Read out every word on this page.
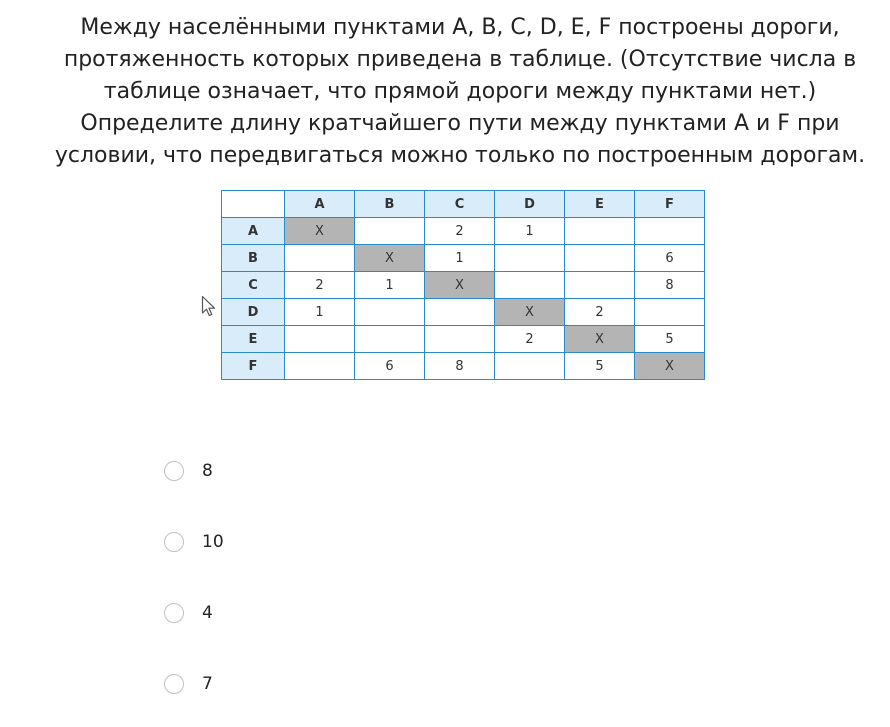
Между населёнными пунктами A, B, C, D, E, F построены дороги,
протяженность которых приведена в таблице. (Отсутствие числа в
таблице означает, что прямой дороги между пунктами нет.)
Определите длину кратчайшего пути между пунктами A и F при
условии, что передвигаться можно только по построенным дорогам.
	A	B	C	D	E	F
A	X		2	1		
B		X	1			6
C	2	1	X			8
D	1			X	2	
E				2	X	5
F		6	8		5	X
8
10
4
7
